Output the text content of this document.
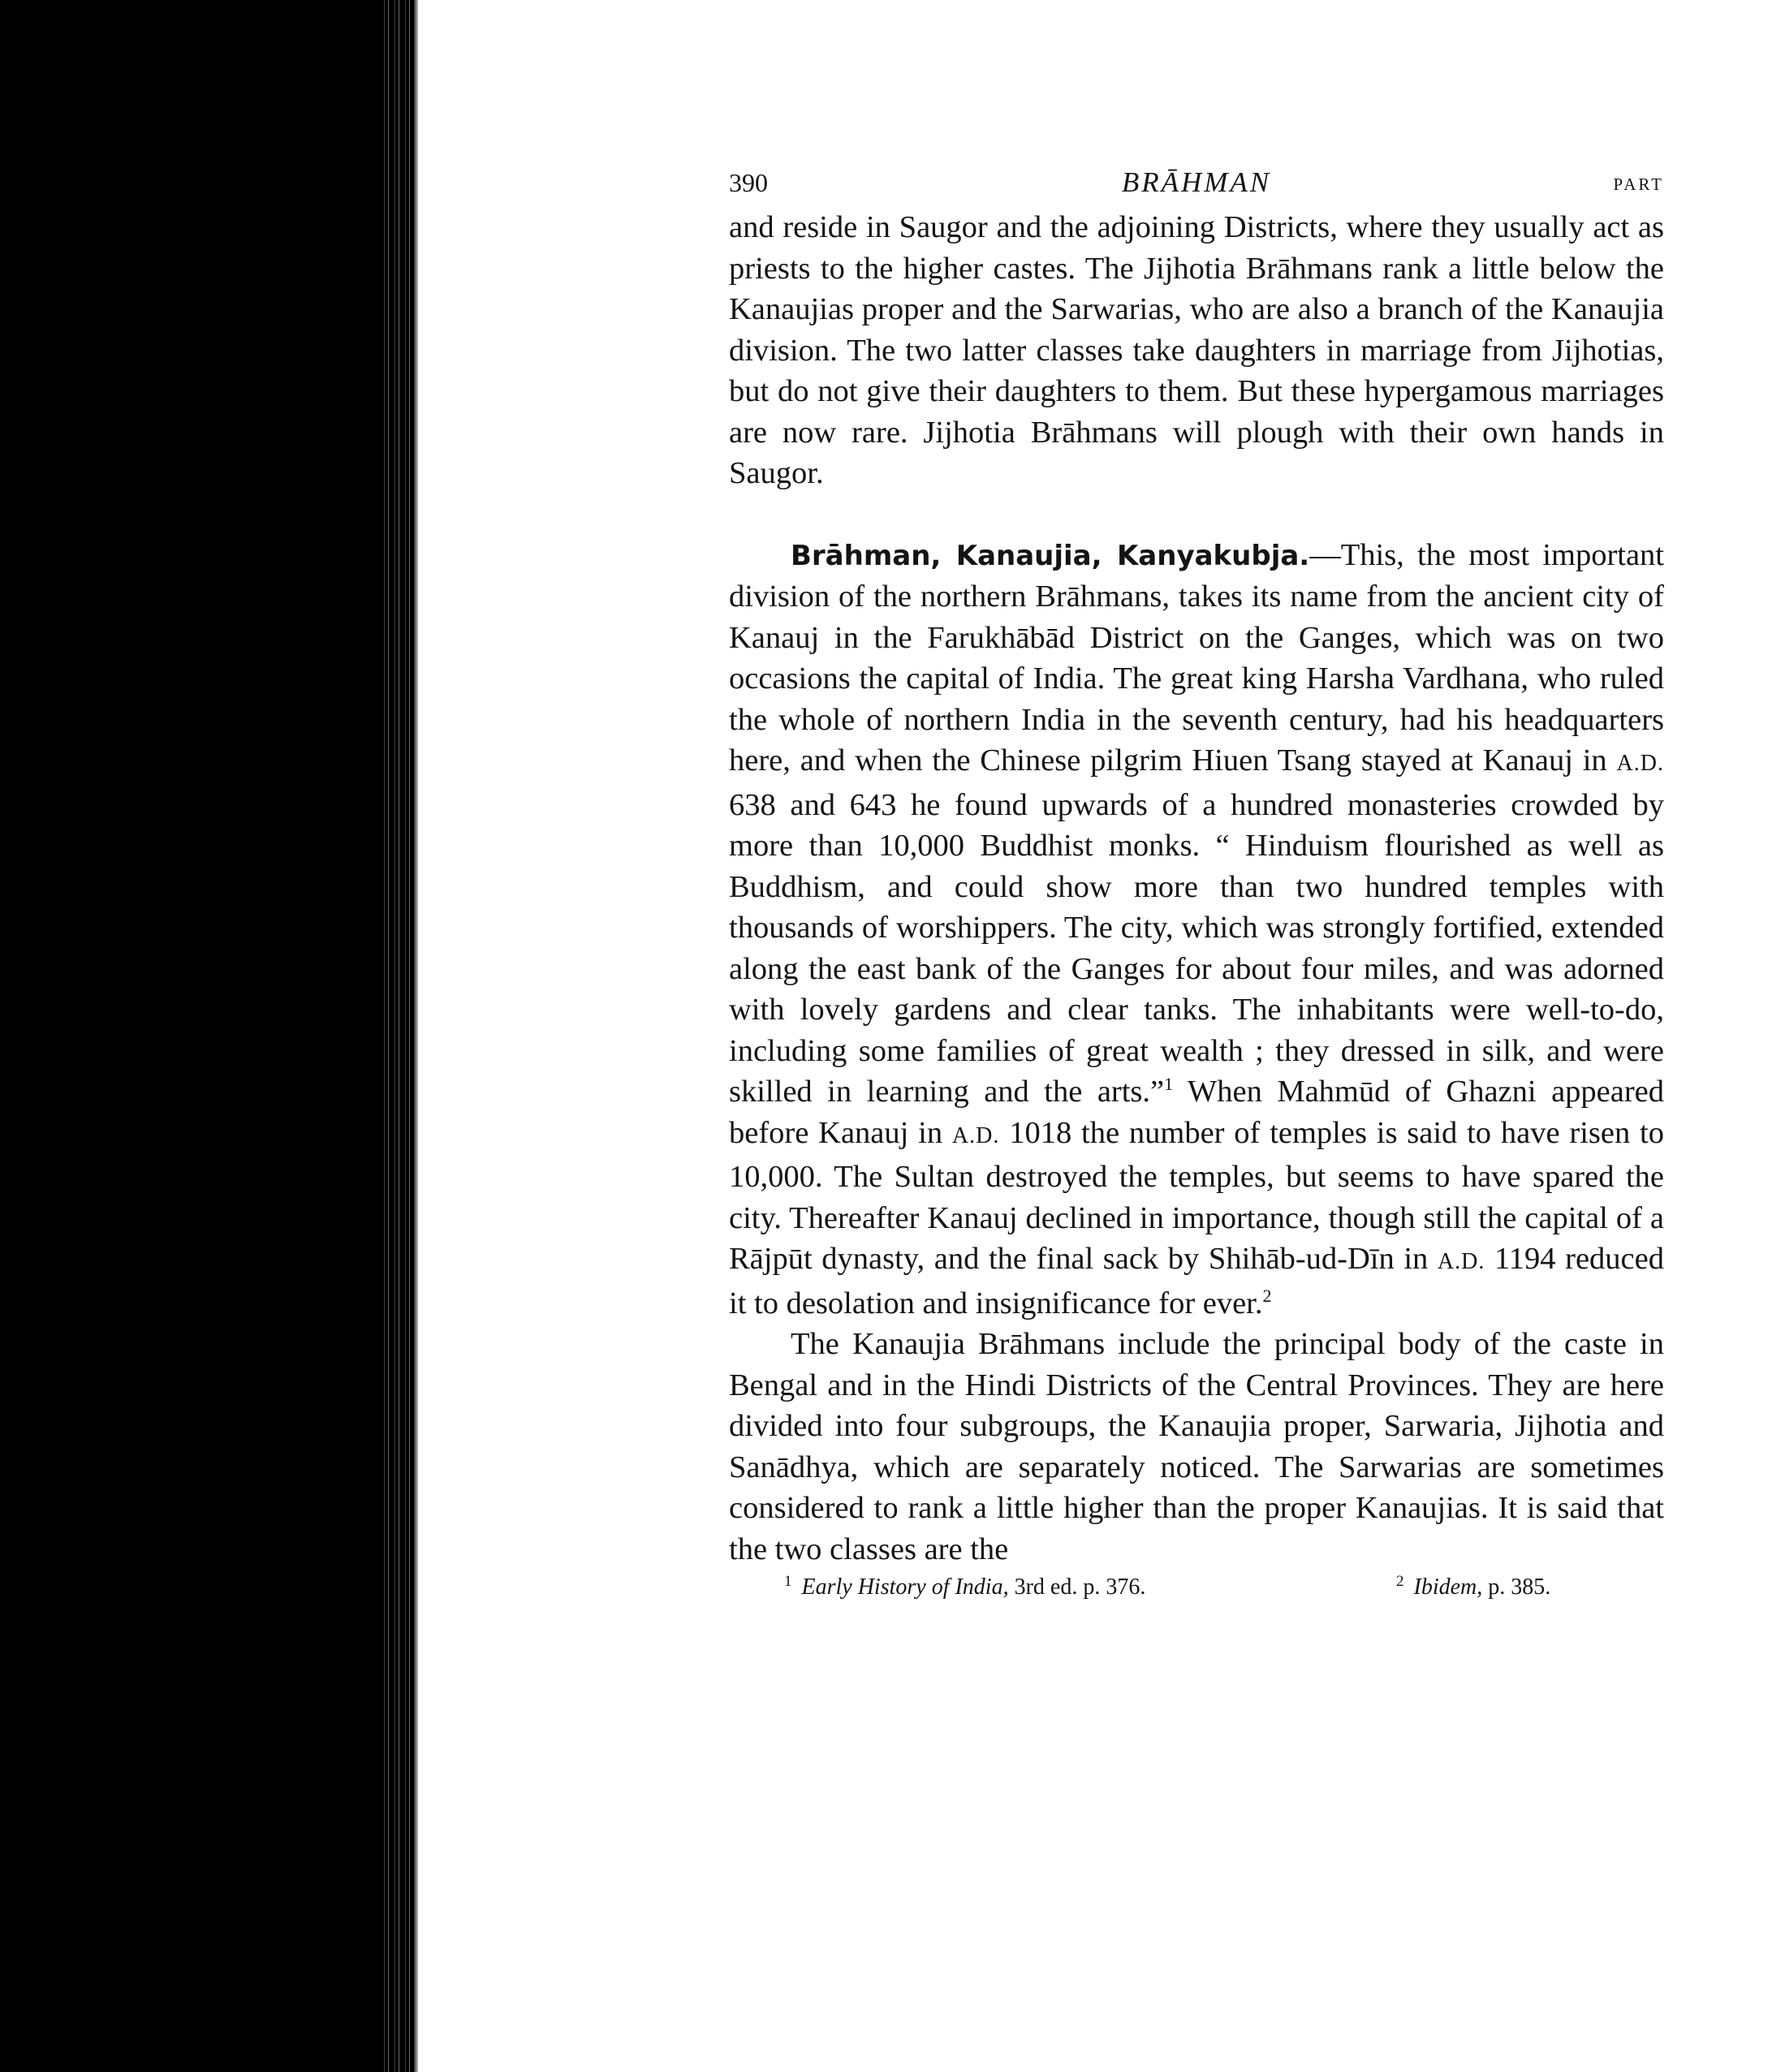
390	BRĀHMAN	PART

and reside in Saugor and the adjoining Districts, where they usually act as priests to the higher castes. The Jijhotia Brāhmans rank a little below the Kanaujias proper and the Sarwarias, who are also a branch of the Kanaujia division. The two latter classes take daughters in marriage from Jijhotias, but do not give their daughters to them. But these hypergamous marriages are now rare. Jijhotia Brāhmans will plough with their own hands in Saugor.

Brāhman, Kanaujia, Kanyakubja.—This, the most important division of the northern Brāhmans, takes its name from the ancient city of Kanauj in the Farukhābād District on the Ganges, which was on two occasions the capital of India. The great king Harsha Vardhana, who ruled the whole of northern India in the seventh century, had his headquarters here, and when the Chinese pilgrim Hiuen Tsang stayed at Kanauj in A.D. 638 and 643 he found upwards of a hundred monasteries crowded by more than 10,000 Buddhist monks. “ Hinduism flourished as well as Buddhism, and could show more than two hundred temples with thousands of worshippers. The city, which was strongly fortified, extended along the east bank of the Ganges for about four miles, and was adorned with lovely gardens and clear tanks. The inhabitants were well-to-do, including some families of great wealth ; they dressed in silk, and were skilled in learning and the arts.”$^1$ When Mahmūd of Ghazni appeared before Kanauj in A.D. 1018 the number of temples is said to have risen to 10,000. The Sultan destroyed the temples, but seems to have spared the city. Thereafter Kanauj declined in importance, though still the capital of a Rājpūt dynasty, and the final sack by Shihāb-ud-Dīn in A.D. 1194 reduced it to desolation and insignificance for ever.$^2$

The Kanaujia Brāhmans include the principal body of the caste in Bengal and in the Hindi Districts of the Central Provinces. They are here divided into four subgroups, the Kanaujia proper, Sarwaria, Jijhotia and Sanādhya, which are separately noticed. The Sarwarias are sometimes considered to rank a little higher than the proper Kanaujias. It is said that the two classes are the

$^1$ Early History of India, 3rd ed. p. 376.	$^2$ Ibidem, p. 385.
